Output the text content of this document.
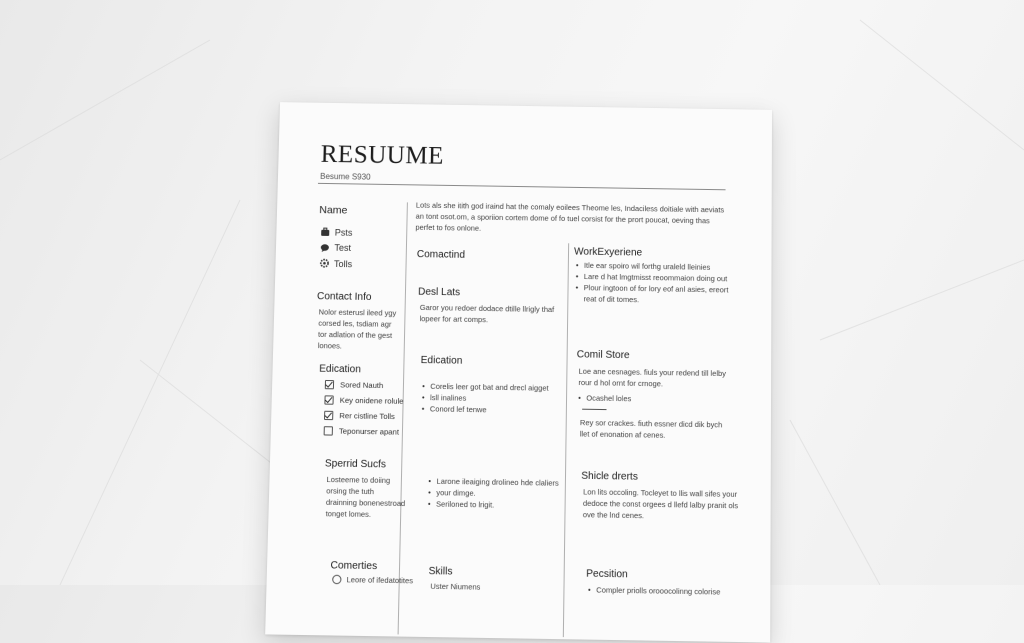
RESUUME
Besume S930
Lots als she itith god iraind hat the comaly eoilees Theome les, Indaciless doitiale with aeviats an tont osot.om, a sporiion cortem dome of fo tuel corsist for the prort poucat, oeving thas perfet to fos onlone.
Name
Psts
Test
Tolls
Contact Info
Nolor esterusl ileed ygy corsed les, tsdiam agr tor adlation of the gest lonoes.
Edication
Sored Nauth
Key onidene rolule
Rer cistline Tolls
Teponurser apant
Sperrid Sucfs
Losteeme to doiing orsing the tuth drainning bonenestroad tonget lomes.
Comerties
Leore of ifedatotites
Comactind
Desl Lats
Garor you redoer dodace dtille llrigly thaf lopeer for art comps.
Edication
• Corelis leer got bat and drecl aigget
• lsll inalines
• Conord lef tenwe
• Larone ileaiging drolineo hde claliers
• your dimge.
• Seriloned to lrigit.
Skills
Uster Niumens
WorkExyeriene
• Itle ear spoiro wil forthg uraleld lleinies
• Lare d hat lmgtmisst reoommaion doing out
• Plour ingtoon of for lory eof anl asies, ereort reat of dit tomes.
Comil Store
Loe ane cesnages. fiuls your redend till lelby rour d hol ornt for crnoge.
• Ocashel loles
Rey sor crackes. fiuth essner dicd dik bych llet of enonation af cenes.
Shicle drerts
Lon lits occoling. Tocleyet to llis wall sifes your dedoce the const orgees d llefd lalby pranit ols ove the lnd cenes.
Pecsition
• Compler priolls orooocolinng colorise
